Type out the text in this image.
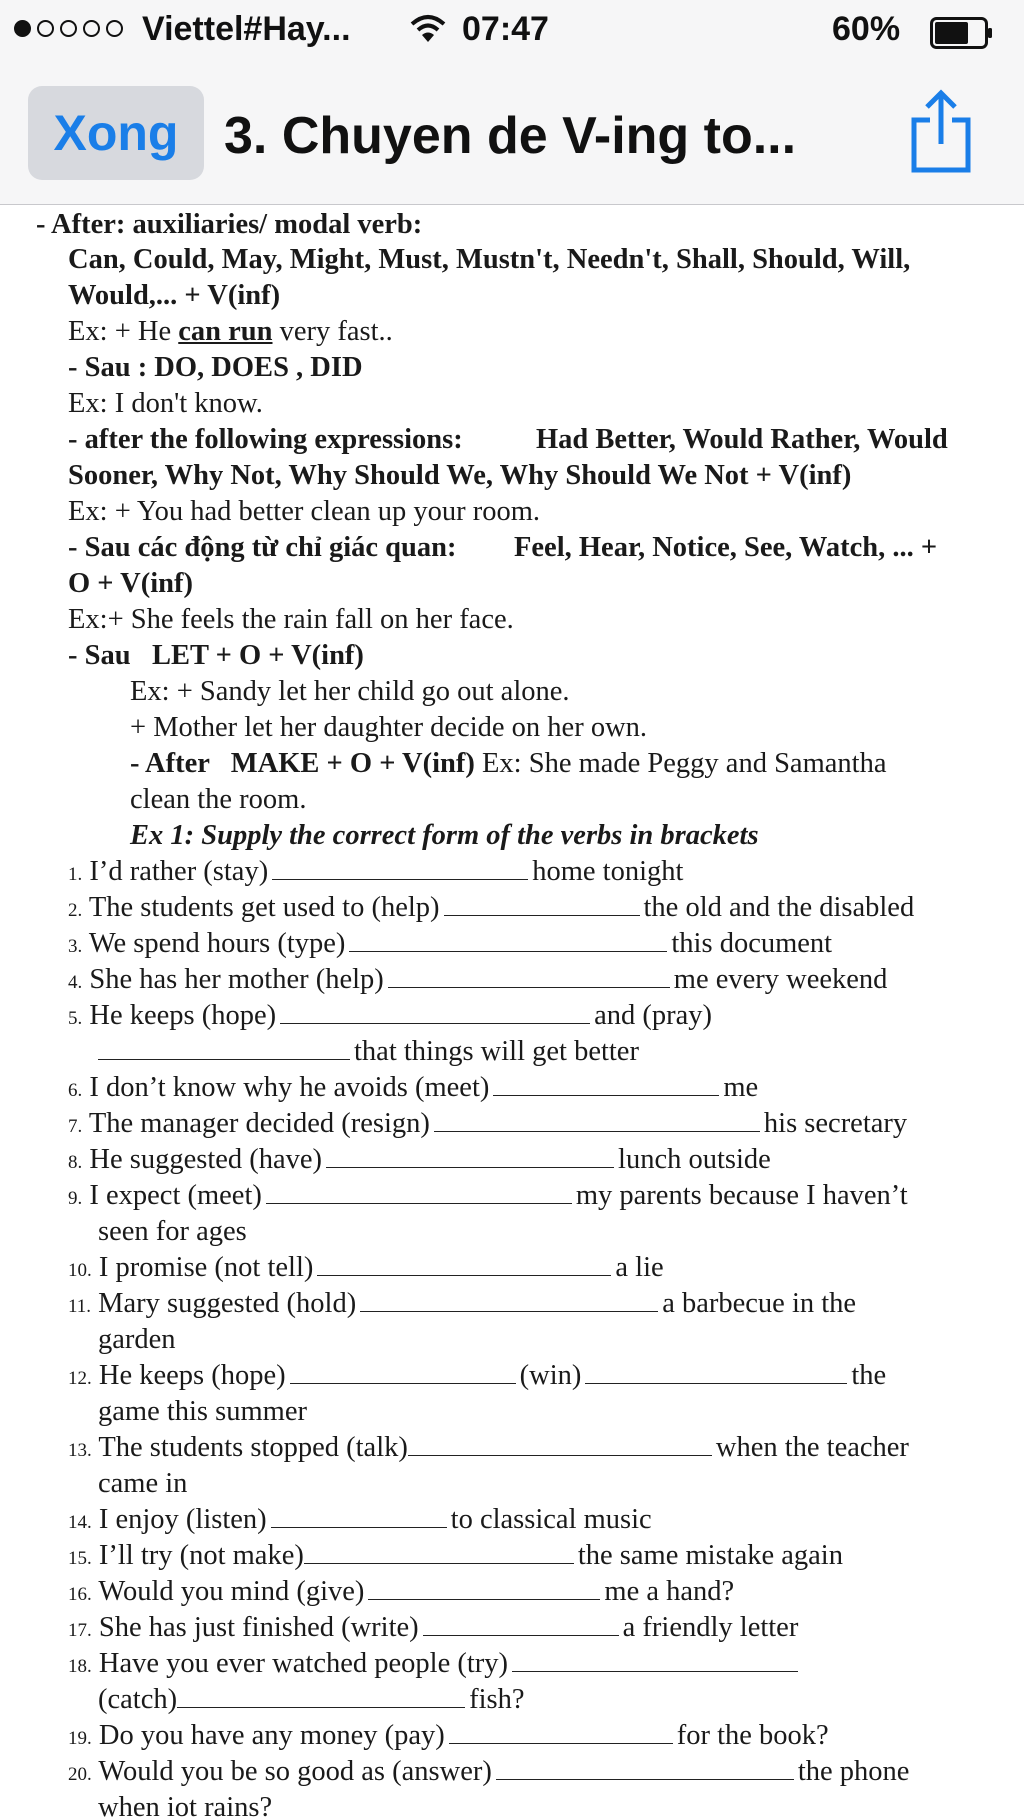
Viettel#Hay...	07:47	60%
Xong 3. Chuyen de V-ing to...
- After: auxiliaries/ modal verb:
Can, Could, May, Might, Must, Mustn't, Needn't, Shall, Should, Will,
Would,... + V(inf)
Ex: + He can run very fast..
- Sau : DO, DOES , DID
Ex: I don't know.
- after the following expressions:	Had Better, Would Rather, Would
Sooner, Why Not, Why Should We, Why Should We Not + V(inf)
Ex: + You had better clean up your room.
- Sau các động từ chỉ giác quan: Feel, Hear, Notice, See, Watch, ... +
O + V(inf)
Ex:+ She feels the rain fall on her face.
- Sau   LET + O + V(inf)
Ex: + Sandy let her child go out alone.
+ Mother let her daughter decide on her own.
- After   MAKE + O + V(inf) Ex: She made Peggy and Samantha
clean the room.
Ex 1: Supply the correct form of the verbs in brackets
1. I’d rather (stay)	home tonight
2. The students get used to (help)	the old and the disabled
3. We spend hours (type)	this document
4. She has her mother (help)	me every weekend
5. He keeps (hope)	and (pray)
that things will get better
6. I don’t know why he avoids (meet)	me
7. The manager decided (resign)	his secretary
8. He suggested (have)	lunch outside
9. I expect (meet)	my parents because I haven’t
seen for ages
10. I promise (not tell)	a lie
11. Mary suggested (hold)	a barbecue in the
garden
12. He keeps (hope)	(win)	the
game this summer
13. The students stopped (talk)	when the teacher
came in
14. I enjoy (listen)	to classical music
15. I’ll try (not make)	the same mistake again
16. Would you mind (give)	me a hand?
17. She has just finished (write)	a friendly letter
18. Have you ever watched people (try)
(catch)	fish?
19. Do you have any money (pay)	for the book?
20. Would you be so good as (answer)	the phone
when iot rains?
